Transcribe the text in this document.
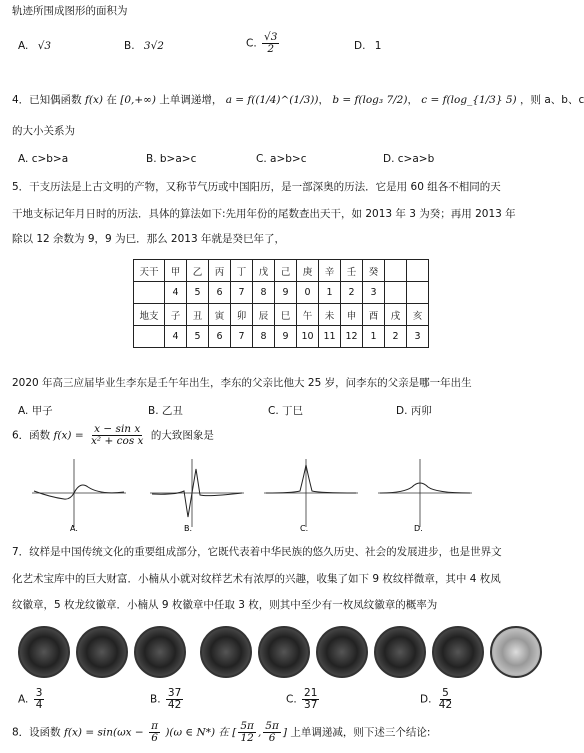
轨迹所围成图形的面积为
A. √3	B. 3√2	C. $\frac{√3}{2}$	D. 1
4．已知偶函数 f(x) 在 [0,+∞) 上单调递增， a = f((1/4)^(1/3))， b = f(log₃ 7/2)， c = f(log_{1/3} 5) ，则 a、b、c
的大小关系为
A. c>b>a	B. b>a>c	C. a>b>c	D. c>a>b
5．干支历法是上古文明的产物，又称节气历或中国阳历，是一部深奥的历法．它是用 60 组各不相同的天
干地支标记年月日时的历法．具体的算法如下:先用年份的尾数查出天干，如 2013 年 3 为癸；再用 2013 年
除以 12 余数为 9，9 为巳．那么 2013 年就是癸巳年了，
天干	甲	乙	丙	丁	戊	己	庚	辛	壬	癸		
	4	5	6	7	8	9	0	1	2	3		
地支	子	丑	寅	卯	辰	巳	午	未	申	酉	戌	亥
	4	5	6	7	8	9	10	11	12	1	2	3
2020 年高三应届毕业生李东是壬午年出生，李东的父亲比他大 25 岁，问李东的父亲是哪一年出生
A. 甲子	B. 乙丑	C. 丁巳	D. 丙卯
6．函数 $f(x) = \frac{\text{x − sin x}}{\text{x² + cos x}}$ 的大致图象是
A.	B.	C.	D.
7．纹样是中国传统文化的重要组成部分，它既代表着中华民族的悠久历史、社会的发展进步，也是世界文
化艺术宝库中的巨大财富．小楠从小就对纹样艺术有浓厚的兴趣，收集了如下 9 枚纹样微章，其中 4 枚凤
纹徽章，5 枚龙纹徽章．小楠从 9 枚徽章中任取 3 枚，则其中至少有一枚凤纹徽章的概率为
A. $\frac{3}{4}$	B. $\frac{37}{42}$	C. $\frac{21}{37}$	D. $\frac{5}{42}$
8．设函数 $f(x) = \sin(\omega x - \frac{\pi}{6} )(\omega$ ∈ N*) 在 [ $\frac{5\pi}{12}$ , $\frac{5\pi}{6}$ ] 上单调递减，则下述三个结论:
